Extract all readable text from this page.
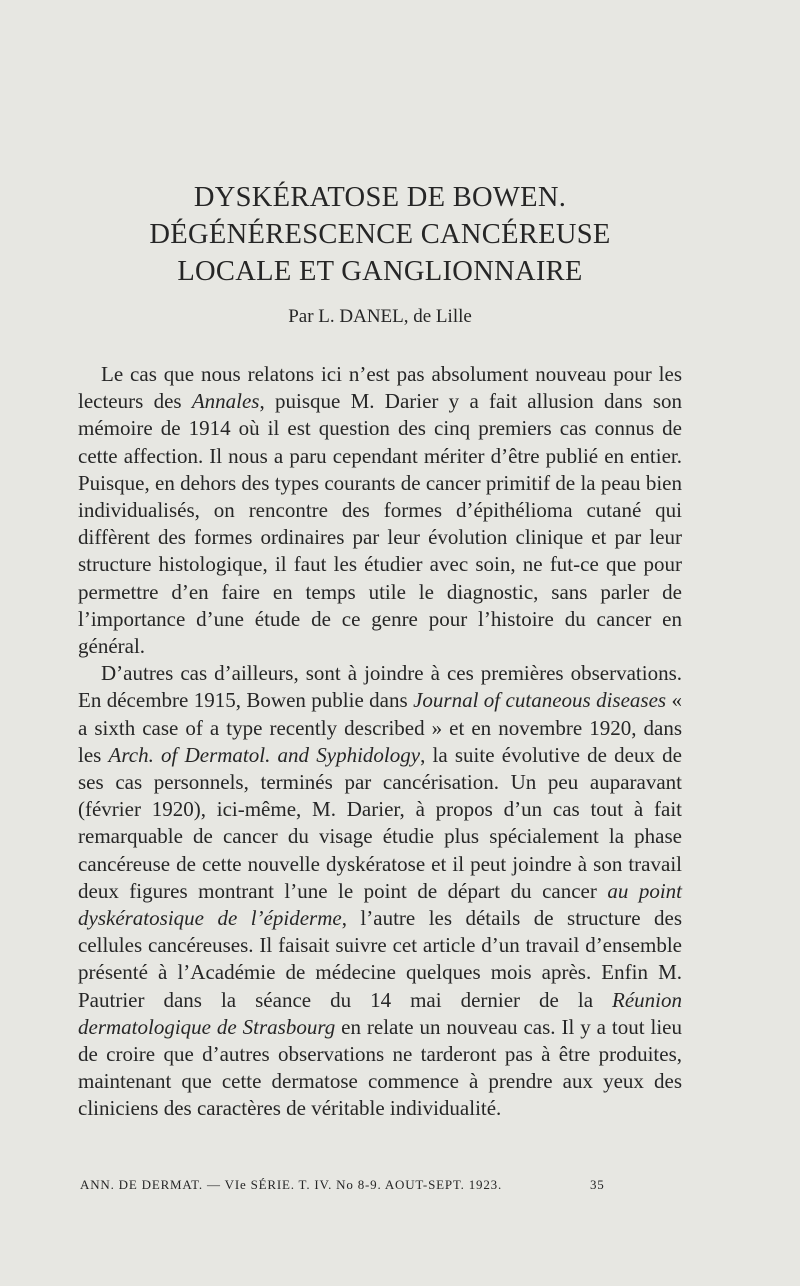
DYSKÉRATOSE DE BOWEN.
DÉGÉNÉRESCENCE CANCÉREUSE
LOCALE ET GANGLIONNAIRE
Par L. DANEL, de Lille

Le cas que nous relatons ici n’est pas absolument nouveau pour les lecteurs des Annales, puisque M. Darier y a fait allusion dans son mémoire de 1914 où il est question des cinq premiers cas connus de cette affection. Il nous a paru cependant mériter d’être publié en entier. Puisque, en dehors des types courants de cancer primitif de la peau bien individualisés, on rencontre des formes d’épithélioma cutané qui diffèrent des formes ordinaires par leur évolution clinique et par leur structure histologique, il faut les étudier avec soin, ne fut-ce que pour permettre d’en faire en temps utile le diagnostic, sans parler de l’importance d’une étude de ce genre pour l’histoire du cancer en général.

D’autres cas d’ailleurs, sont à joindre à ces premières observations. En décembre 1915, Bowen publie dans Journal of cutaneous diseases « a sixth case of a type recently described » et en novembre 1920, dans les Arch. of Dermatol. and Syphidology, la suite évolutive de deux de ses cas personnels, terminés par cancérisation. Un peu auparavant (février 1920), ici-même, M. Darier, à propos d’un cas tout à fait remarquable de cancer du visage étudie plus spécialement la phase cancéreuse de cette nouvelle dyskératose et il peut joindre à son travail deux figures montrant l’une le point de départ du cancer au point dyskératosique de l’épiderme, l’autre les détails de structure des cellules cancéreuses. Il faisait suivre cet article d’un travail d’ensemble présenté à l’Académie de médecine quelques mois après. Enfin M. Pautrier dans la séance du 14 mai dernier de la Réunion dermatologique de Strasbourg en relate un nouveau cas. Il y a tout lieu de croire que d’autres observations ne tarderont pas à être produites, maintenant que cette dermatose commence à prendre aux yeux des cliniciens des caractères de véritable individualité.

ANN. DE DERMAT. — VIe SÉRIE. T. IV. No 8-9. AOUT-SEPT. 1923.	35
